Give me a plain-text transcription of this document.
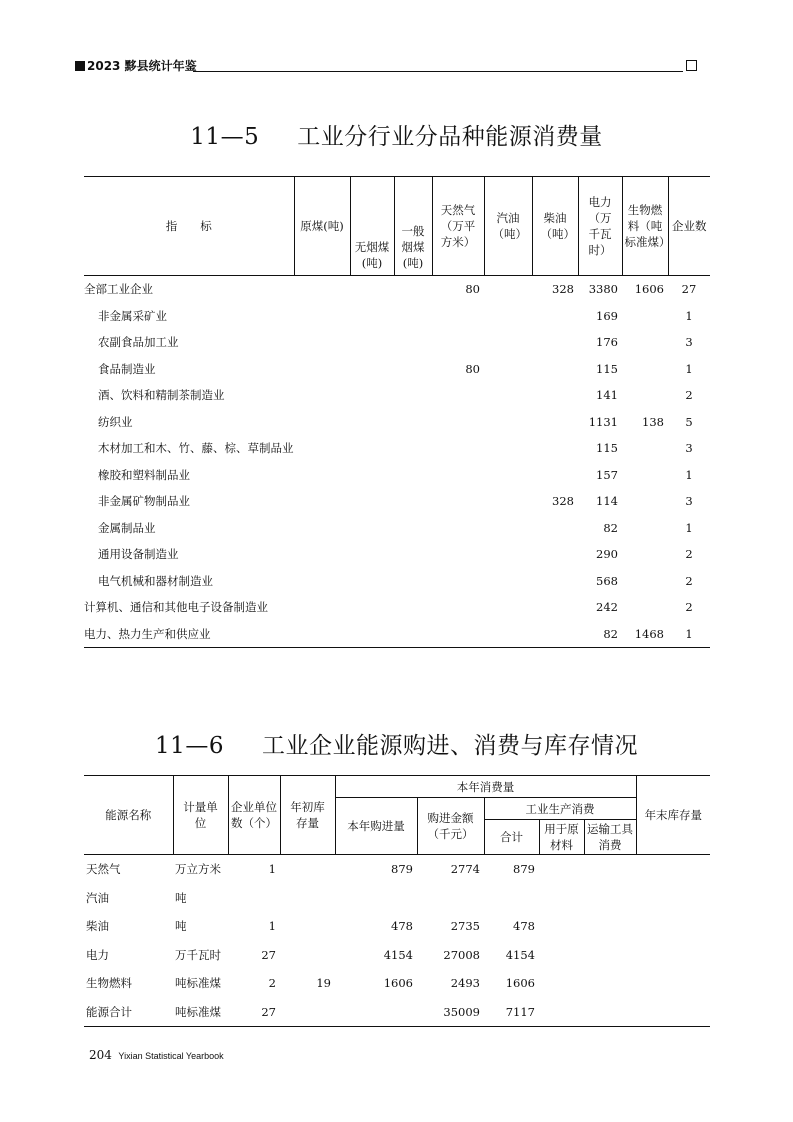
2023 黟县统计年鉴
11—5 工业分行业分品种能源消费量
指　　标	原煤(吨)	无烟煤(吨)	一般烟煤(吨)	天然气（万平方米）	汽油（吨）	柴油（吨）	电力（万千瓦时）	生物燃料（吨标准煤）	企业数
全部工业企业				80		328	3380	1606	27
非金属采矿业							169		1
农副食品加工业							176		3
食品制造业				80			115		1
酒、饮料和精制茶制造业							141		2
纺织业							1131	138	5
木材加工和木、竹、藤、棕、草制品业							115		3
橡胶和塑料制品业							157		1
非金属矿物制品业						328	114		3
金属制品业							82		1
通用设备制造业							290		2
电气机械和器材制造业							568		2
计算机、通信和其他电子设备制造业							242		2
电力、热力生产和供应业							82	1468	1
11—6 工业企业能源购进、消费与库存情况
能源名称	计量单位	企业单位数（个）	年初库存量	本年消费量					年末库存量
				本年购进量	购进金额（千元）	工业生产消费			
						合计	用于原材料	运输工具消费	
天然气	万立方米	1		879	2774	879			
汽油	吨								
柴油	吨	1		478	2735	478			
电力	万千瓦时	27		4154	27008	4154			
生物燃料	吨标准煤	2	19	1606	2493	1606			
能源合计	吨标准煤	27			35009	7117			
204 Yixian Statistical Yearbook
